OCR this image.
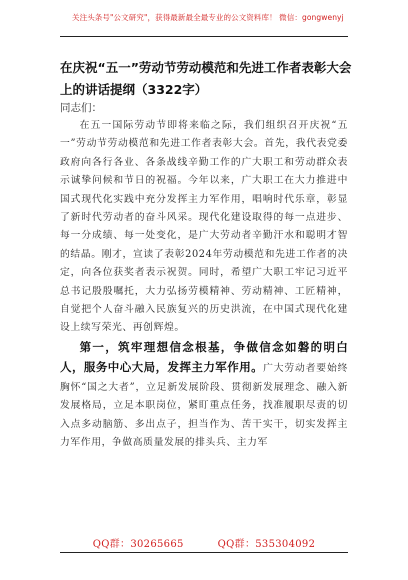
关注头条号"公文研究"，获得最新最全最专业的公文资料库！ 微信：gongwenyj
在庆祝“五一”劳动节劳动模范和先进工作者表彰大会上的讲话提纲（3322字）
同志们：

在五一国际劳动节即将来临之际，我们组织召开庆祝“五一”劳动节劳动模范和先进工作者表彰大会。首先，我代表党委政府向各行各业、各条战线辛勤工作的广大职工和劳动群众表示诚挚问候和节日的祝福。今年以来，广大职工在大力推进中国式现代化实践中充分发挥主力军作用，唱响时代乐章，彰显了新时代劳动者的奋斗风采。现代化建设取得的每一点进步、每一分成绩、每一处变化，是广大劳动者辛勤汗水和聪明才智的结晶。刚才，宣读了表彰2024年劳动模范和先进工作者的决定，向各位获奖者表示祝贺。同时，希望广大职工牢记习近平总书记殷殷嘱托，大力弘扬劳模精神、劳动精神、工匠精神，自觉把个人奋斗融入民族复兴的历史洪流，在中国式现代化建设上续写荣光、再创辉煌。

第一，筑牢理想信念根基，争做信念如磐的明白人，服务中心大局，发挥主力军作用。广大劳动者要始终胸怀“国之大者”，立足新发展阶段、贯彻新发展理念、融入新发展格局，立足本职岗位，紧盯重点任务，找准履职尽责的切入点多动脑筋、多出点子，担当作为、苦干实干，切实发挥主力军作用，争做高质量发展的排头兵、主力军

QQ群：30265665	QQ群：535304092
